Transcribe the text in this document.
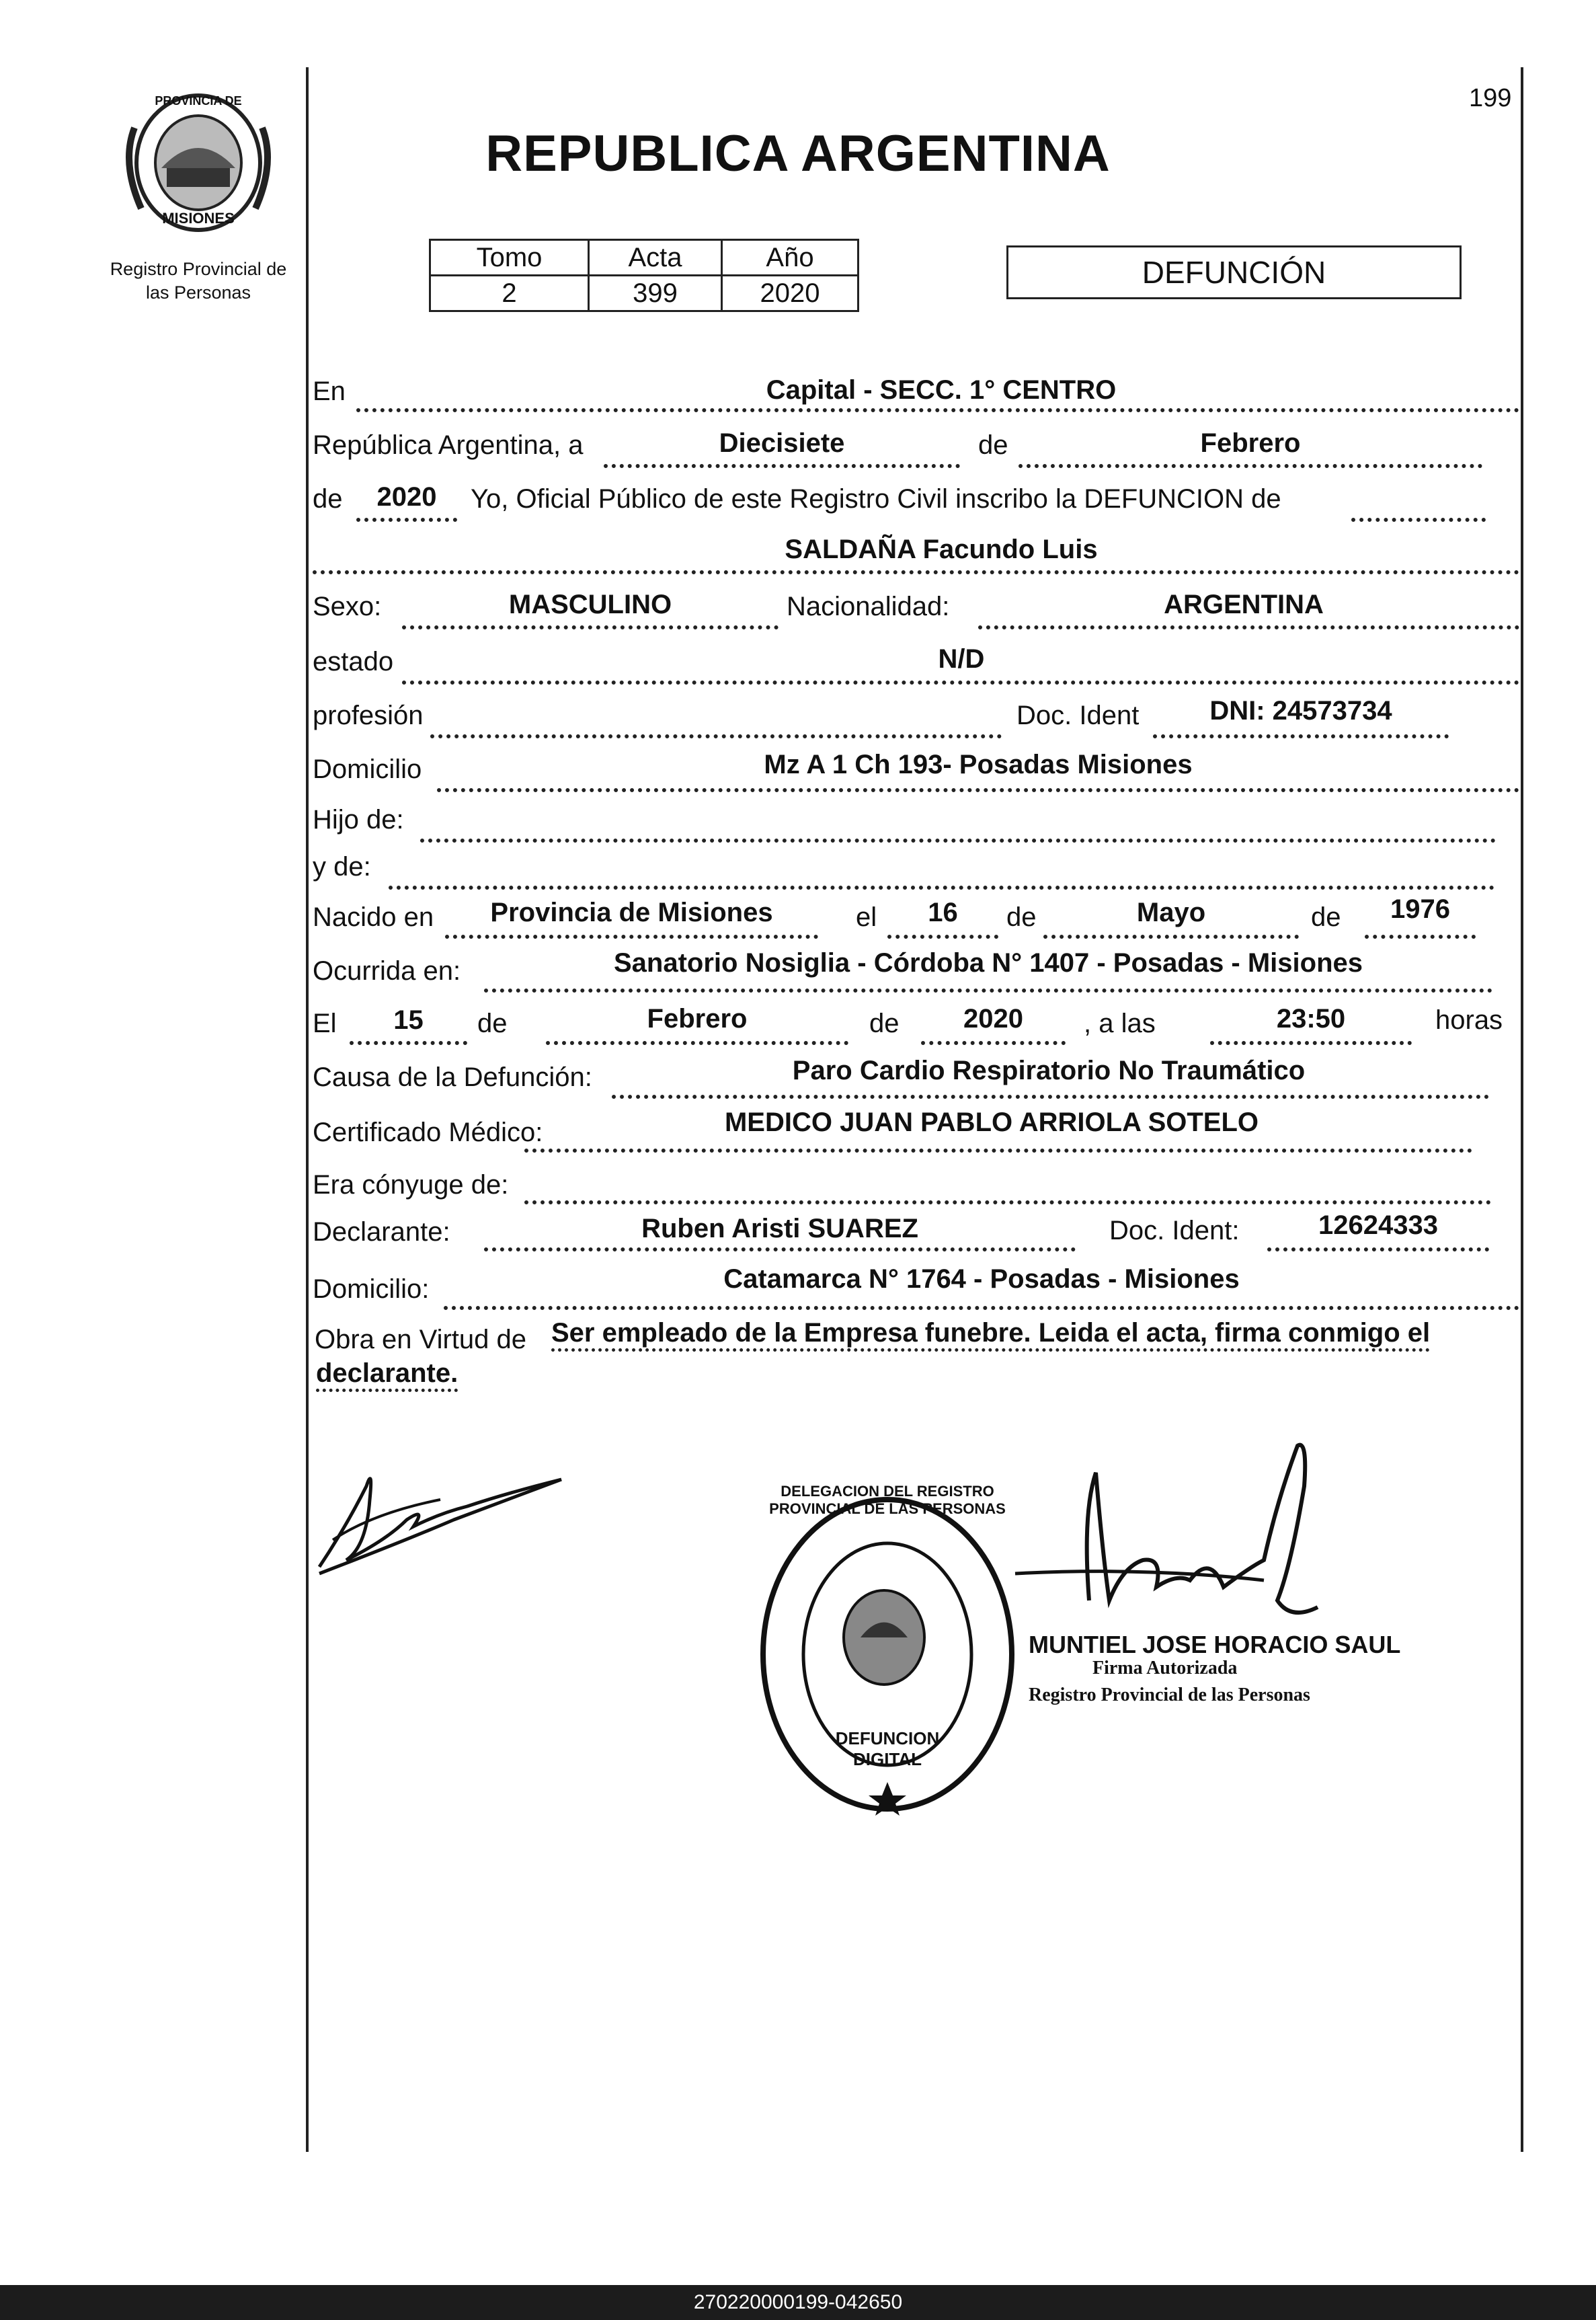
PROVINCIA DE
MISIONES
Registro Provincial de
las Personas
199
REPUBLICA ARGENTINA
Tomo	Acta	Año
2	399	2020
DEFUNCIÓN
En	Capital - SECC. 1° CENTRO
República Argentina, a	Diecisiete	de	Febrero
de	2020	Yo, Oficial Público de este Registro Civil inscribo la DEFUNCION de
SALDAÑA Facundo Luis
Sexo:	MASCULINO	Nacionalidad:	ARGENTINA
estado	N/D
profesión	Doc. Ident	DNI: 24573734
Domicilio	Mz A 1 Ch 193- Posadas Misiones
Hijo de:
y de:
Nacido en	Provincia de Misiones	el	16	de	Mayo	de	1976
Ocurrida en:	Sanatorio Nosiglia - Córdoba N° 1407 - Posadas - Misiones
El	15	de	Febrero	de	2020	, a las	23:50	horas
Causa de la Defunción:	Paro Cardio Respiratorio No Traumático
Certificado Médico:	MEDICO JUAN PABLO ARRIOLA SOTELO
Era cónyuge de:
Declarante:	Ruben Aristi SUAREZ	Doc. Ident:	12624333
Domicilio:	Catamarca N° 1764 - Posadas - Misiones
Obra en Virtud de Ser empleado de la Empresa funebre. Leida el acta, firma conmigo el
declarante.
DELEGACION DEL REGISTRO PROVINCIAL DE LAS PERSONAS
DEFUNCION DIGITAL
MUNTIEL JOSE HORACIO SAUL
Firma Autorizada
Registro Provincial de las Personas
270220000199-042650
